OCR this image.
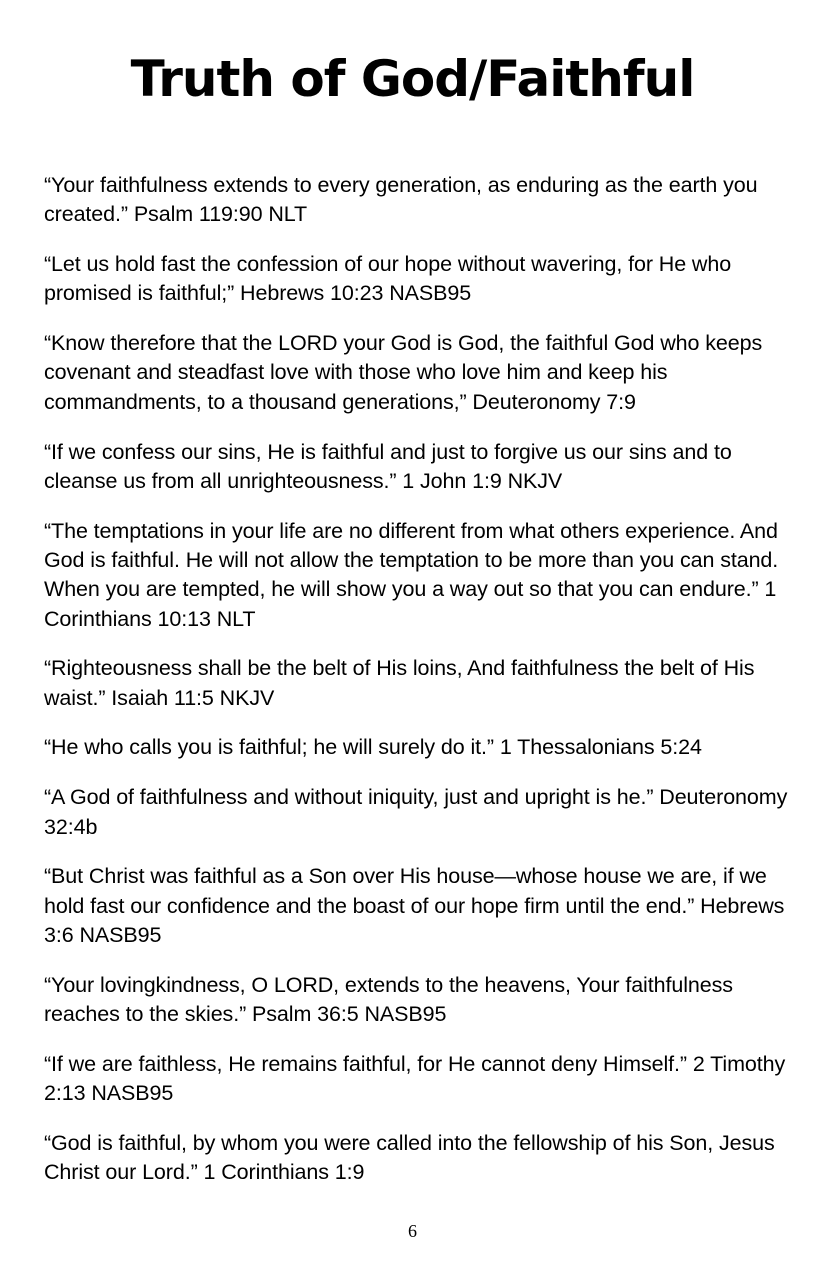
Truth of God/Faithful
“Your faithfulness extends to every generation, as enduring as the earth you created.” Psalm 119:90 NLT
“Let us hold fast the confession of our hope without wavering, for He who promised is faithful;” Hebrews 10:23 NASB95
“Know therefore that the LORD your God is God, the faithful God who keeps covenant and steadfast love with those who love him and keep his commandments, to a thousand generations,” Deuteronomy 7:9
“If we confess our sins, He is faithful and just to forgive us our sins and to cleanse us from all unrighteousness.” 1 John 1:9 NKJV
“The temptations in your life are no different from what others experience. And God is faithful. He will not allow the temptation to be more than you can stand. When you are tempted, he will show you a way out so that you can endure.” 1 Corinthians 10:13 NLT
“Righteousness shall be the belt of His loins, And faithfulness the belt of His waist.” Isaiah 11:5 NKJV
“He who calls you is faithful; he will surely do it.” 1 Thessalonians 5:24
“A God of faithfulness and without iniquity, just and upright is he.” Deuteronomy 32:4b
“But Christ was faithful as a Son over His house—whose house we are, if we hold fast our confidence and the boast of our hope firm until the end.” Hebrews 3:6 NASB95
“Your lovingkindness, O LORD, extends to the heavens, Your faithfulness reaches to the skies.” Psalm 36:5 NASB95
“If we are faithless, He remains faithful, for He cannot deny Himself.” 2 Timothy 2:13 NASB95
“God is faithful, by whom you were called into the fellowship of his Son, Jesus Christ our Lord.” 1 Corinthians 1:9
6
